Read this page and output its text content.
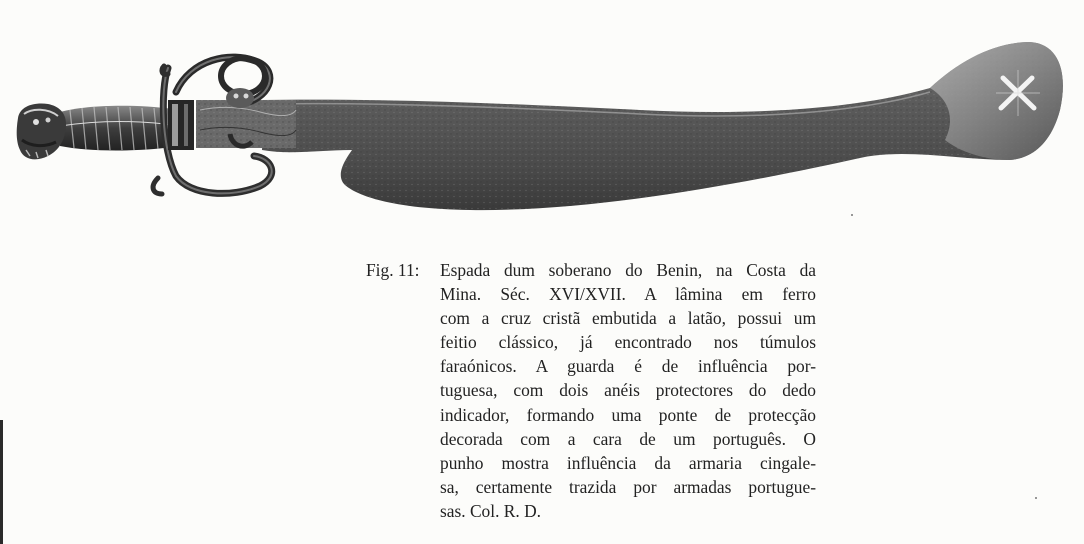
Fig. 11: Espada dum soberano do Benin, na Costa da
Mina. Séc. XVI/XVII. A lâmina em ferro
com a cruz cristã embutida a latão, possui um
feitio clássico, já encontrado nos túmulos
faraónicos. A guarda é de influência por-
tuguesa, com dois anéis protectores do dedo
indicador, formando uma ponte de protecção
decorada com a cara de um português. O
punho mostra influência da armaria cingale-
sa, certamente trazida por armadas portugue-
sas. Col. R. D.
